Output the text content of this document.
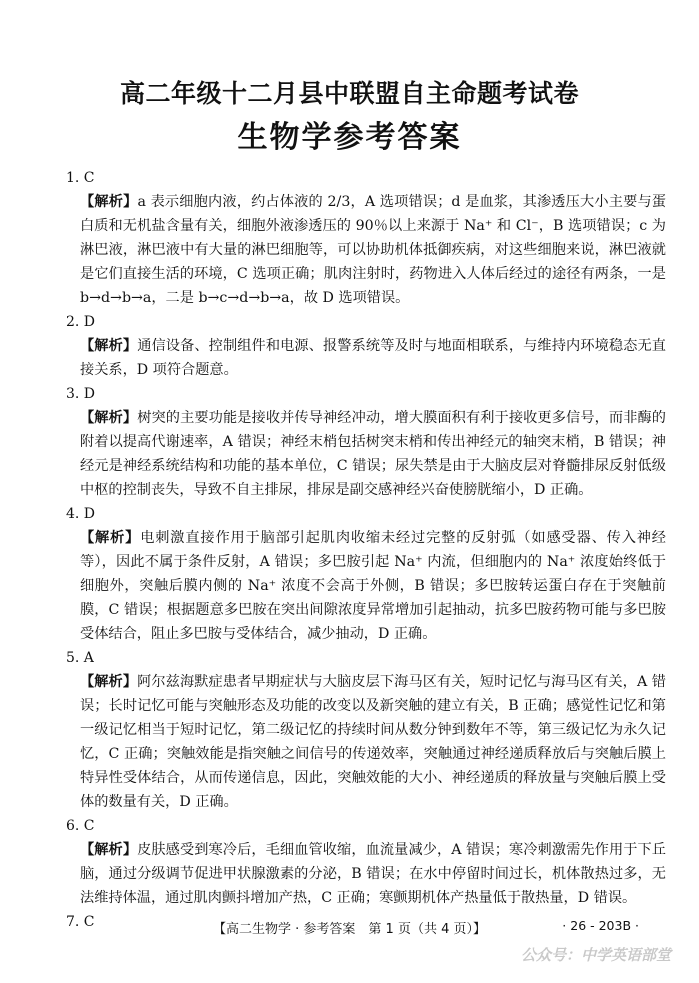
高二年级十二月县中联盟自主命题考试卷
生物学参考答案
1. C
【解析】a 表示细胞内液，约占体液的 2/3，A 选项错误；d 是血浆，其渗透压大小主要与蛋白质和无机盐含量有关，细胞外液渗透压的 90％以上来源于 Na⁺ 和 Cl⁻，B 选项错误；c 为淋巴液，淋巴液中有大量的淋巴细胞等，可以协助机体抵御疾病，对这些细胞来说，淋巴液就是它们直接生活的环境，C 选项正确；肌肉注射时，药物进入人体后经过的途径有两条，一是 b→d→b→a，二是 b→c→d→b→a，故 D 选项错误。
2. D
【解析】通信设备、控制组件和电源、报警系统等及时与地面相联系，与维持内环境稳态无直接关系，D 项符合题意。
3. D
【解析】树突的主要功能是接收并传导神经冲动，增大膜面积有利于接收更多信号，而非酶的附着以提高代谢速率，A 错误；神经末梢包括树突末梢和传出神经元的轴突末梢，B 错误；神经元是神经系统结构和功能的基本单位，C 错误；尿失禁是由于大脑皮层对脊髓排尿反射低级中枢的控制丧失，导致不自主排尿，排尿是副交感神经兴奋使膀胱缩小，D 正确。
4. D
【解析】电刺激直接作用于脑部引起肌肉收缩未经过完整的反射弧（如感受器、传入神经等），因此不属于条件反射，A 错误；多巴胺引起 Na⁺ 内流，但细胞内的 Na⁺ 浓度始终低于细胞外，突触后膜内侧的 Na⁺ 浓度不会高于外侧，B 错误；多巴胺转运蛋白存在于突触前膜，C 错误；根据题意多巴胺在突出间隙浓度异常增加引起抽动，抗多巴胺药物可能与多巴胺受体结合，阻止多巴胺与受体结合，减少抽动，D 正确。
5. A
【解析】阿尔兹海默症患者早期症状与大脑皮层下海马区有关，短时记忆与海马区有关，A 错误；长时记忆可能与突触形态及功能的改变以及新突触的建立有关，B 正确；感觉性记忆和第一级记忆相当于短时记忆，第二级记忆的持续时间从数分钟到数年不等，第三级记忆为永久记忆，C 正确；突触效能是指突触之间信号的传递效率，突触通过神经递质释放后与突触后膜上特异性受体结合，从而传递信息，因此，突触效能的大小、神经递质的释放量与突触后膜上受体的数量有关，D 正确。
6. C
【解析】皮肤感受到寒冷后，毛细血管收缩，血流量减少，A 错误；寒冷刺激需先作用于下丘脑，通过分级调节促进甲状腺激素的分泌，B 错误；在水中停留时间过长，机体散热过多，无法维持体温，通过肌肉颤抖增加产热，C 正确；寒颤期机体产热量低于散热量，D 错误。
7. C	【高二生物学 · 参考答案　第 1 页（共 4 页）】	· 26 - 203B ·
公众号：中学英语部堂
